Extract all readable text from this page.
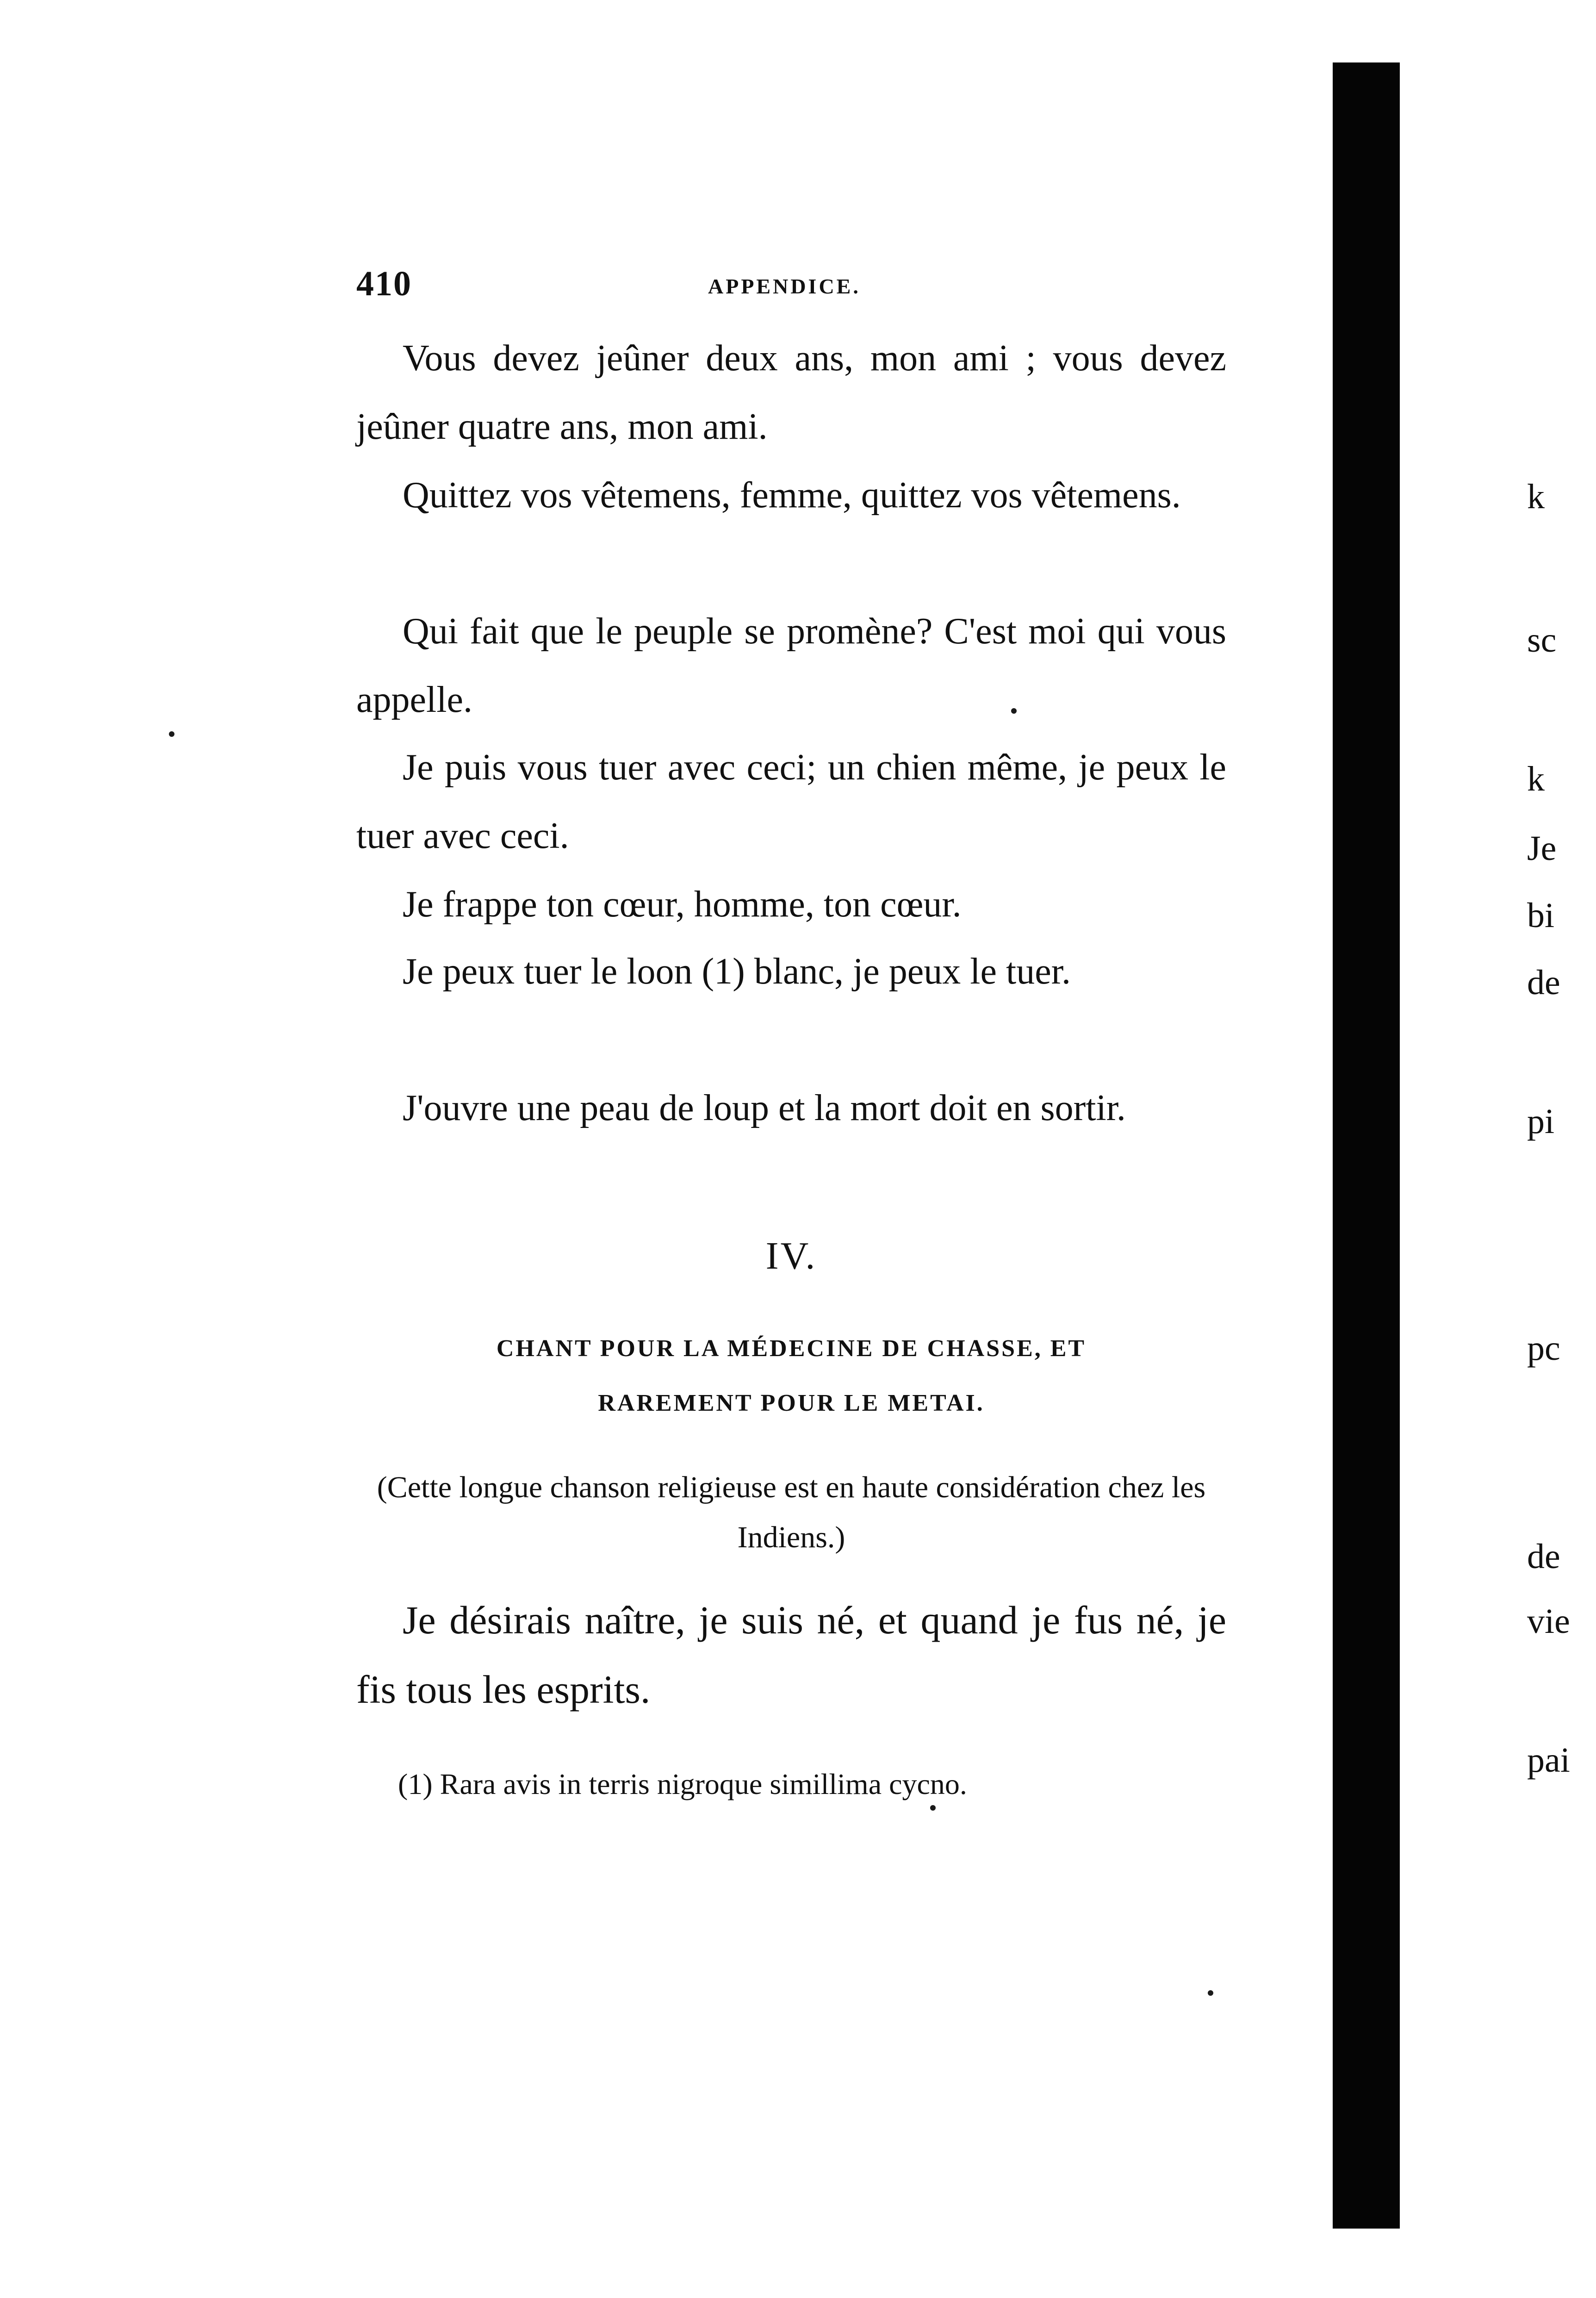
410	APPENDICE.

Vous devez jeûner deux ans, mon ami ; vous devez jeûner quatre ans, mon ami.

Quittez vos vêtemens, femme, quittez vos vêtemens.

Qui fait que le peuple se promène? C'est moi qui vous appelle.

Je puis vous tuer avec ceci; un chien même, je peux le tuer avec ceci.

Je frappe ton cœur, homme, ton cœur.

Je peux tuer le loon (1) blanc, je peux le tuer.

J'ouvre une peau de loup et la mort doit en sortir.

IV.

CHANT POUR LA MÉDECINE DE CHASSE, ET
RAREMENT POUR LE METAI.

(Cette longue chanson religieuse est en haute considération chez les Indiens.)

Je désirais naître, je suis né, et quand je fus né, je fis tous les esprits.

(1) Rara avis in terris nigroque simillima cycno.

k
sc
k
Je
bi
de
pi
pc
de
vie
pai
